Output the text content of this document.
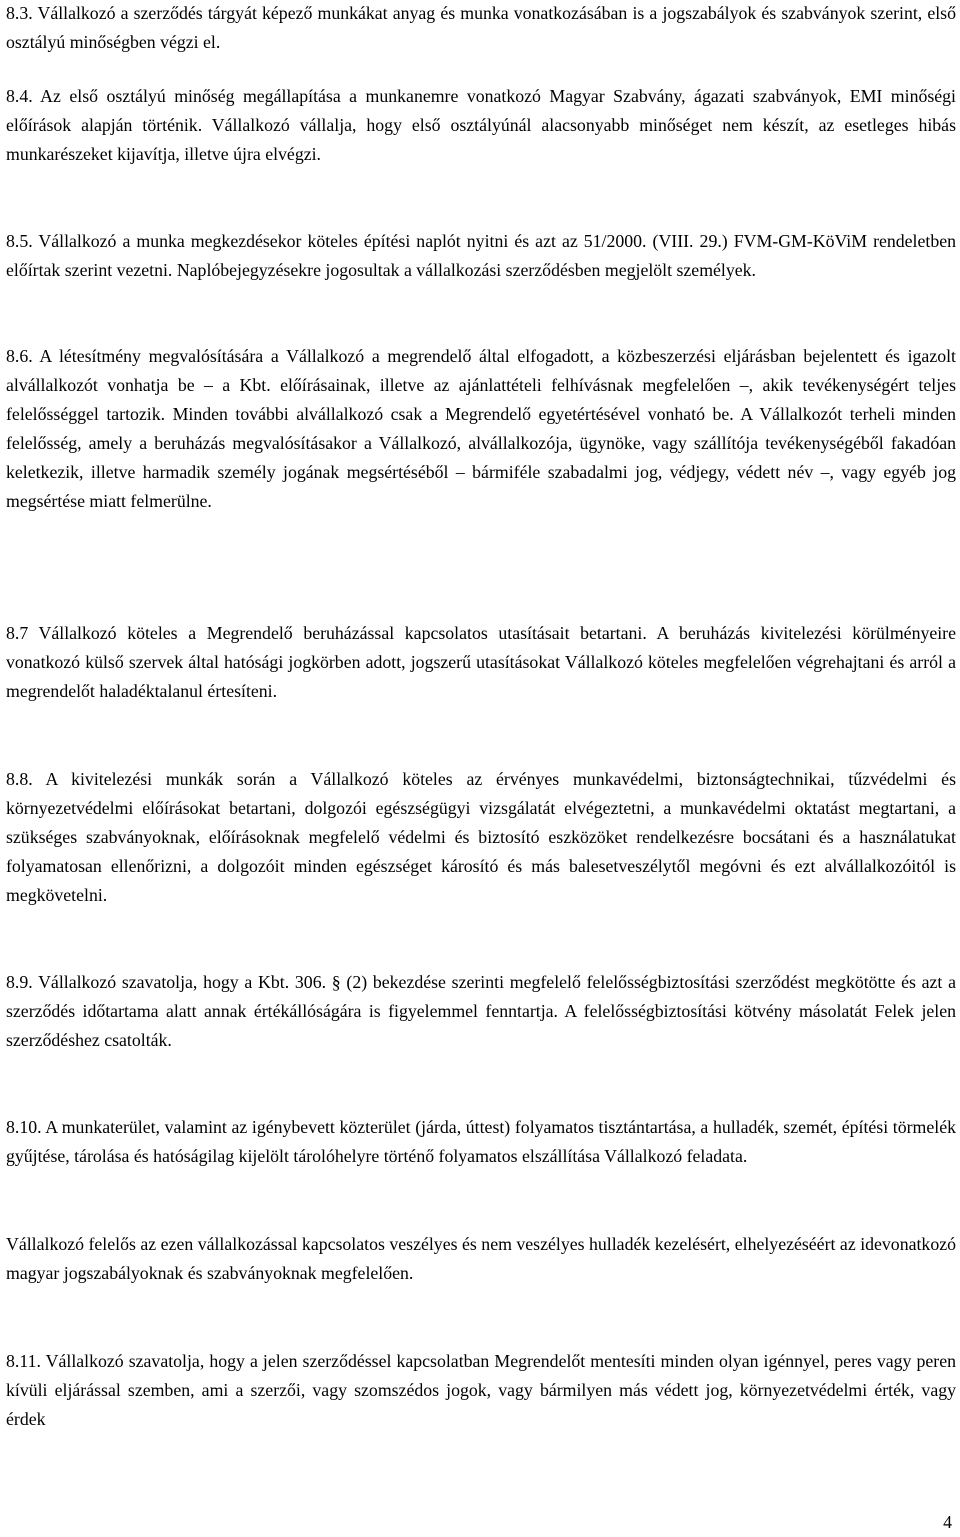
8.3. Vállalkozó a szerződés tárgyát képező munkákat anyag és munka vonatkozásában is a jogszabályok és szabványok szerint, első osztályú minőségben végzi el.

8.4. Az első osztályú minőség megállapítása a munkanemre vonatkozó Magyar Szabvány, ágazati szabványok, EMI minőségi előírások alapján történik. Vállalkozó vállalja, hogy első osztályúnál alacsonyabb minőséget nem készít, az esetleges hibás munkarészeket kijavítja, illetve újra elvégzi.

8.5. Vállalkozó a munka megkezdésekor köteles építési naplót nyitni és azt az 51/2000. (VIII. 29.) FVM-GM-KöViM rendeletben előírtak szerint vezetni. Naplóbejegyzésekre jogosultak a vállalkozási szerződésben megjelölt személyek.

8.6. A létesítmény megvalósítására a Vállalkozó a megrendelő által elfogadott, a közbeszerzési eljárásban bejelentett és igazolt alvállalkozót vonhatja be – a Kbt. előírásainak, illetve az ajánlattételi felhívásnak megfelelően –, akik tevékenységért teljes felelősséggel tartozik. Minden további alvállalkozó csak a Megrendelő egyetértésével vonható be. A Vállalkozót terheli minden felelősség, amely a beruházás megvalósításakor a Vállalkozó, alvállalkozója, ügynöke, vagy szállítója tevékenységéből fakadóan keletkezik, illetve harmadik személy jogának megsértéséből – bármiféle szabadalmi jog, védjegy, védett név –, vagy egyéb jog megsértése miatt felmerülne.

8.7 Vállalkozó köteles a Megrendelő beruházással kapcsolatos utasításait betartani. A beruházás kivitelezési körülményeire vonatkozó külső szervek által hatósági jogkörben adott, jogszerű utasításokat Vállalkozó köteles megfelelően végrehajtani és arról a megrendelőt haladéktalanul értesíteni.

8.8. A kivitelezési munkák során a Vállalkozó köteles az érvényes munkavédelmi, biztonságtechnikai, tűzvédelmi és környezetvédelmi előírásokat betartani, dolgozói egészségügyi vizsgálatát elvégeztetni, a munkavédelmi oktatást megtartani, a szükséges szabványoknak, előírásoknak megfelelő védelmi és biztosító eszközöket rendelkezésre bocsátani és a használatukat folyamatosan ellenőrizni, a dolgozóit minden egészséget károsító és más balesetveszélytől megóvni és ezt alvállalkozóitól is megkövetelni.

8.9. Vállalkozó szavatolja, hogy a Kbt. 306. § (2) bekezdése szerinti megfelelő felelősségbiztosítási szerződést megkötötte és azt a szerződés időtartama alatt annak értékállóságára is figyelemmel fenntartja. A felelősségbiztosítási kötvény másolatát Felek jelen szerződéshez csatolták.

8.10. A munkaterület, valamint az igénybevett közterület (járda, úttest) folyamatos tisztántartása, a hulladék, szemét, építési törmelék gyűjtése, tárolása és hatóságilag kijelölt tárolóhelyre történő folyamatos elszállítása Vállalkozó feladata.

Vállalkozó felelős az ezen vállalkozással kapcsolatos veszélyes és nem veszélyes hulladék kezelésért, elhelyezéséért az idevonatkozó magyar jogszabályoknak és szabványoknak megfelelően.

8.11. Vállalkozó szavatolja, hogy a jelen szerződéssel kapcsolatban Megrendelőt mentesíti minden olyan igénnyel, peres vagy peren kívüli eljárással szemben, ami a szerzői, vagy szomszédos jogok, vagy bármilyen más védett jog, környezetvédelmi érték, vagy érdek

4
